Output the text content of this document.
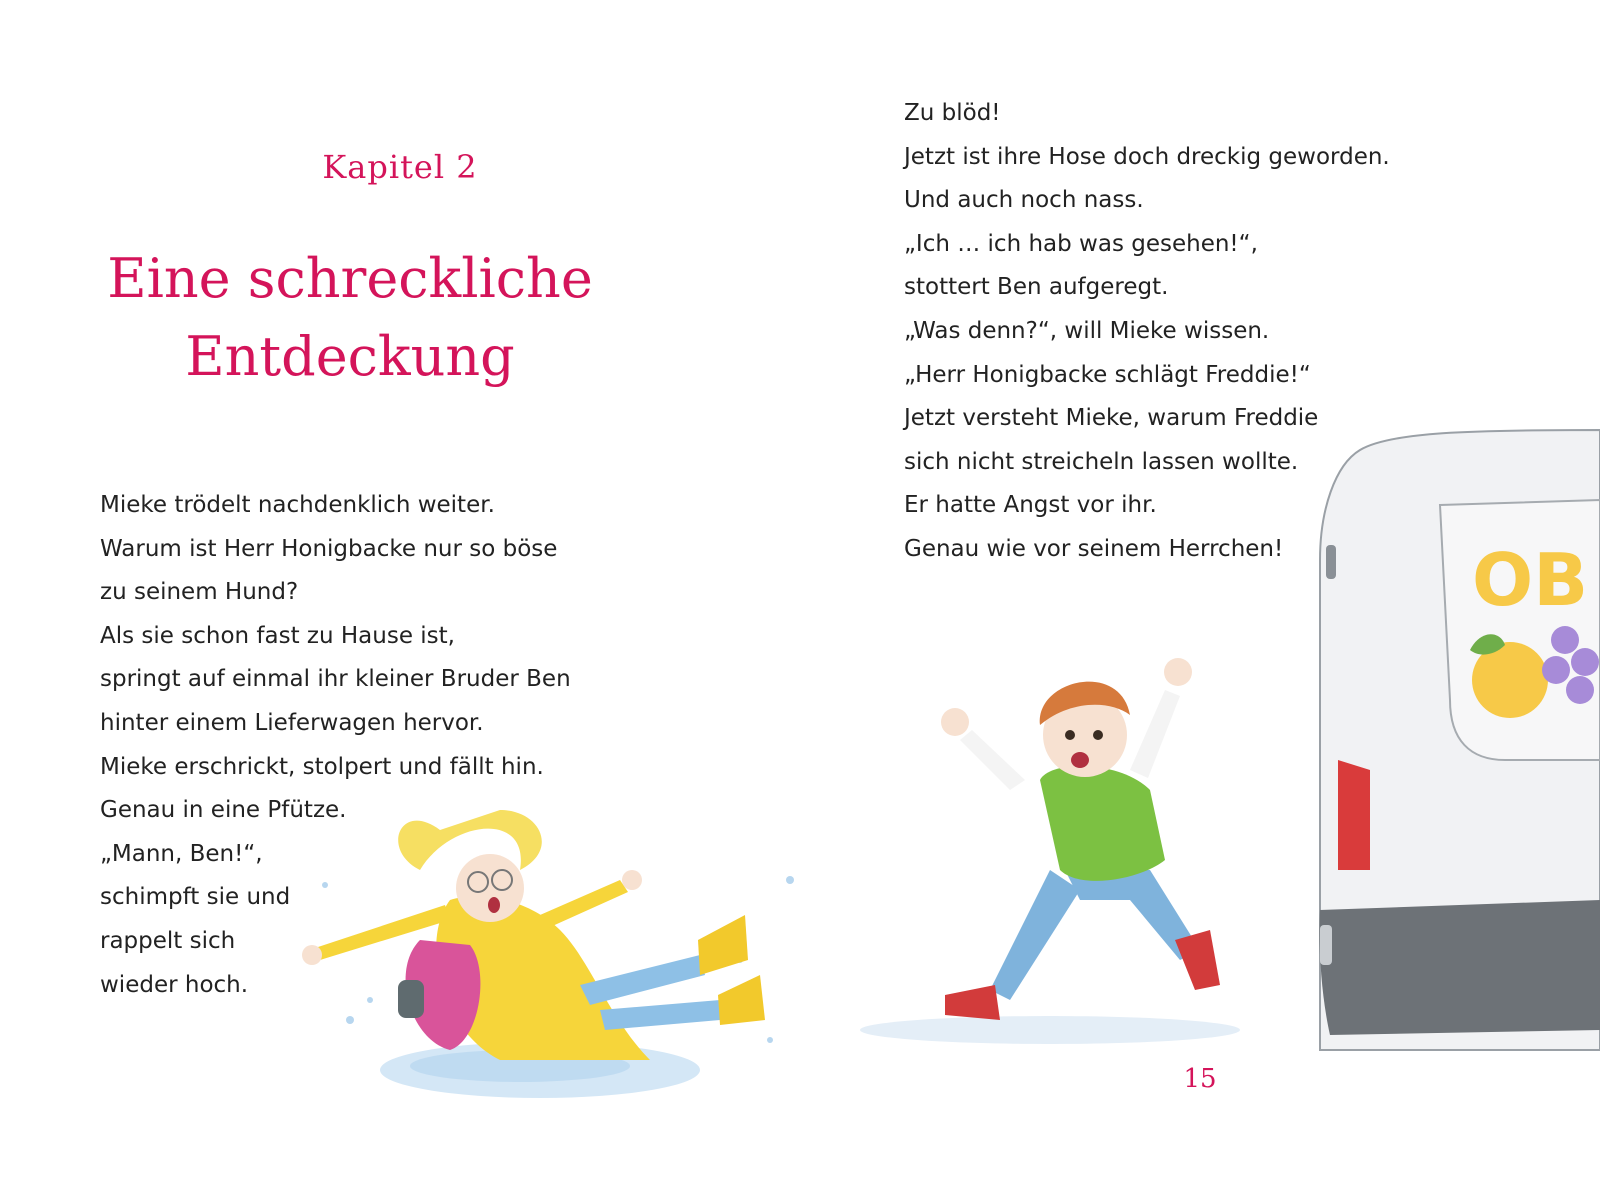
OB
Kapitel 2
Eine schreckliche
Entdeckung
Mieke trödelt nachdenklich weiter.
Warum ist Herr Honigbacke nur so böse
zu seinem Hund?
Als sie schon fast zu Hause ist,
springt auf einmal ihr kleiner Bruder Ben
hinter einem Lieferwagen hervor.
Mieke erschrickt, stolpert und fällt hin.
Genau in eine Pfütze.
„Mann, Ben!“,
schimpft sie und
rappelt sich
wieder hoch.
Zu blöd!
Jetzt ist ihre Hose doch dreckig geworden.
Und auch noch nass.
„Ich … ich hab was gesehen!“,
stottert Ben aufgeregt.
„Was denn?“, will Mieke wissen.
„Herr Honigbacke schlägt Freddie!“
Jetzt versteht Mieke, warum Freddie
sich nicht streicheln lassen wollte.
Er hatte Angst vor ihr.
Genau wie vor seinem Herrchen!
15
